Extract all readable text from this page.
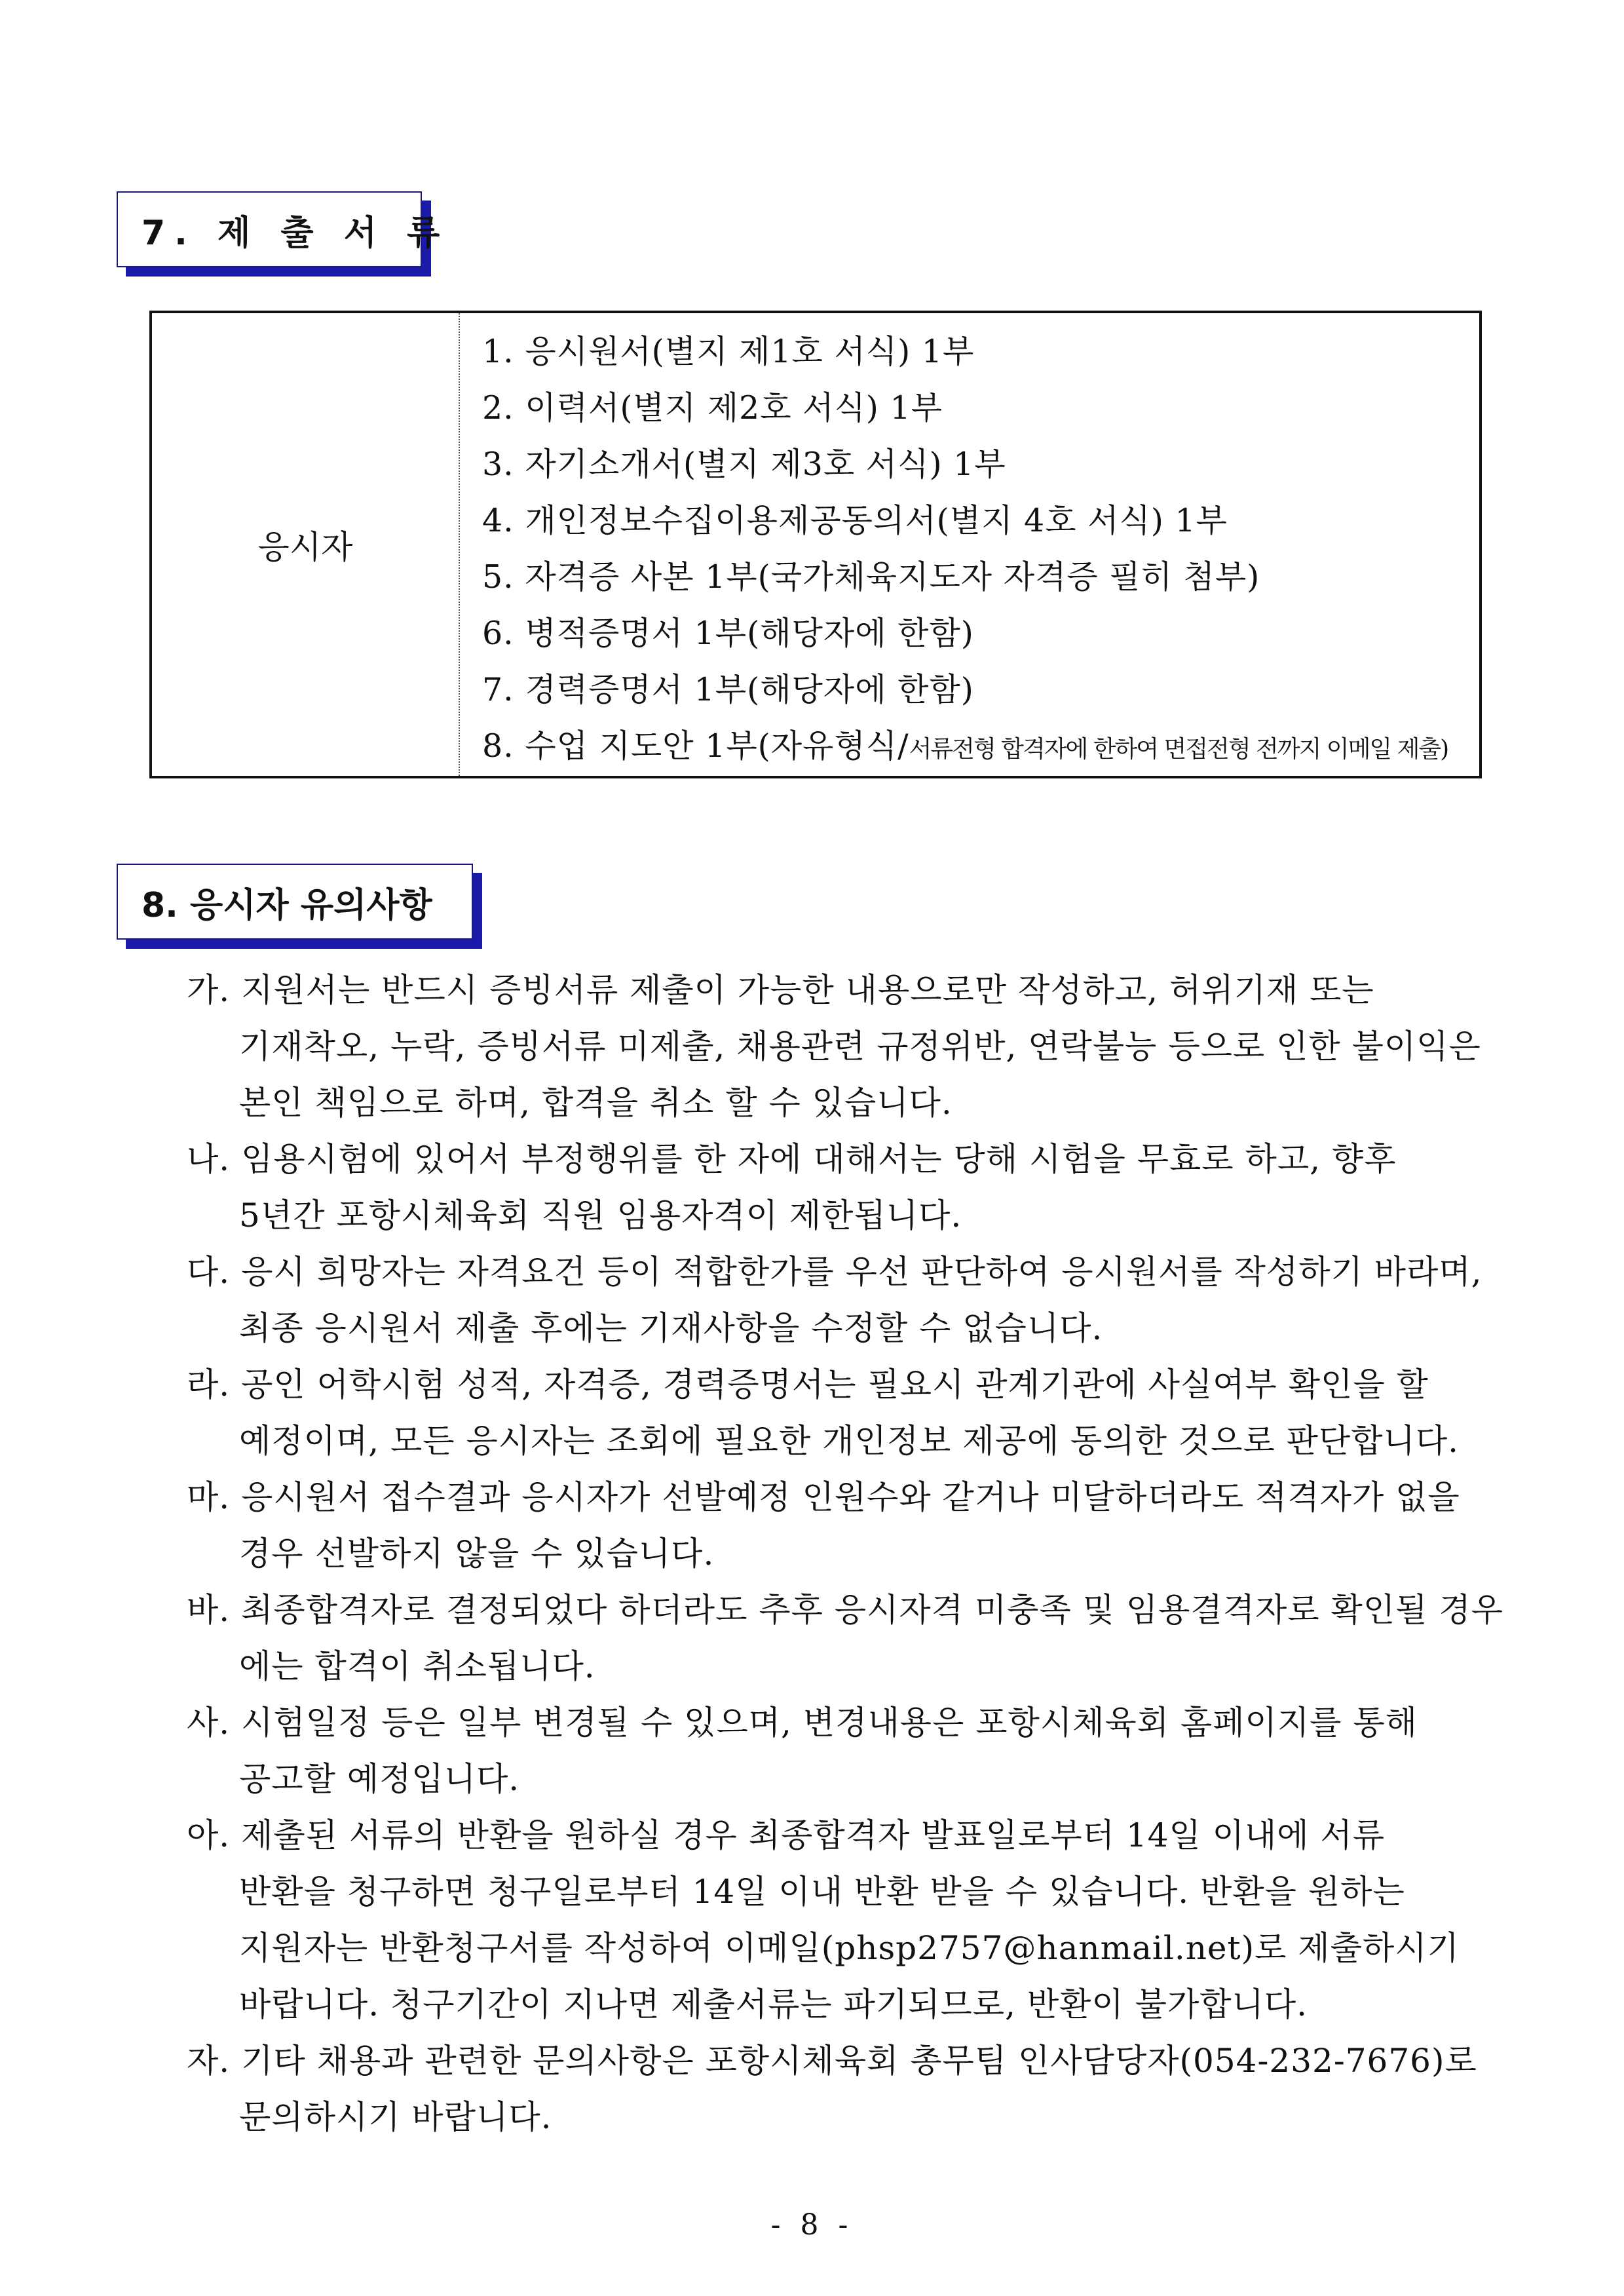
7. 제 출 서 류
응시자
1. 응시원서(별지 제1호 서식) 1부
2. 이력서(별지 제2호 서식) 1부
3. 자기소개서(별지 제3호 서식) 1부
4. 개인정보수집이용제공동의서(별지 4호 서식) 1부
5. 자격증 사본 1부(국가체육지도자 자격증 필히 첨부)
6. 병적증명서 1부(해당자에 한함)
7. 경력증명서 1부(해당자에 한함)
8. 수업 지도안 1부(자유형식/서류전형 합격자에 한하여 면접전형 전까지 이메일 제출)
8. 응시자 유의사항
가. 지원서는 반드시 증빙서류 제출이 가능한 내용으로만 작성하고, 허위기재 또는
기재착오, 누락, 증빙서류 미제출, 채용관련 규정위반, 연락불능 등으로 인한 불이익은
본인 책임으로 하며, 합격을 취소 할 수 있습니다.
나. 임용시험에 있어서 부정행위를 한 자에 대해서는 당해 시험을 무효로 하고, 향후
5년간 포항시체육회 직원 임용자격이 제한됩니다.
다. 응시 희망자는 자격요건 등이 적합한가를 우선 판단하여 응시원서를 작성하기 바라며,
최종 응시원서 제출 후에는 기재사항을 수정할 수 없습니다.
라. 공인 어학시험 성적, 자격증, 경력증명서는 필요시 관계기관에 사실여부 확인을 할
예정이며, 모든 응시자는 조회에 필요한 개인정보 제공에 동의한 것으로 판단합니다.
마. 응시원서 접수결과 응시자가 선발예정 인원수와 같거나 미달하더라도 적격자가 없을
경우 선발하지 않을 수 있습니다.
바. 최종합격자로 결정되었다 하더라도 추후 응시자격 미충족 및 임용결격자로 확인될 경우
에는 합격이 취소됩니다.
사. 시험일정 등은 일부 변경될 수 있으며, 변경내용은 포항시체육회 홈페이지를 통해
공고할 예정입니다.
아. 제출된 서류의 반환을 원하실 경우 최종합격자 발표일로부터 14일 이내에 서류
반환을 청구하면 청구일로부터 14일 이내 반환 받을 수 있습니다. 반환을 원하는
지원자는 반환청구서를 작성하여 이메일(phsp2757@hanmail.net)로 제출하시기
바랍니다. 청구기간이 지나면 제출서류는 파기되므로, 반환이 불가합니다.
자. 기타 채용과 관련한 문의사항은 포항시체육회 총무팀 인사담당자(054-232-7676)로
문의하시기 바랍니다.
- 8 -
